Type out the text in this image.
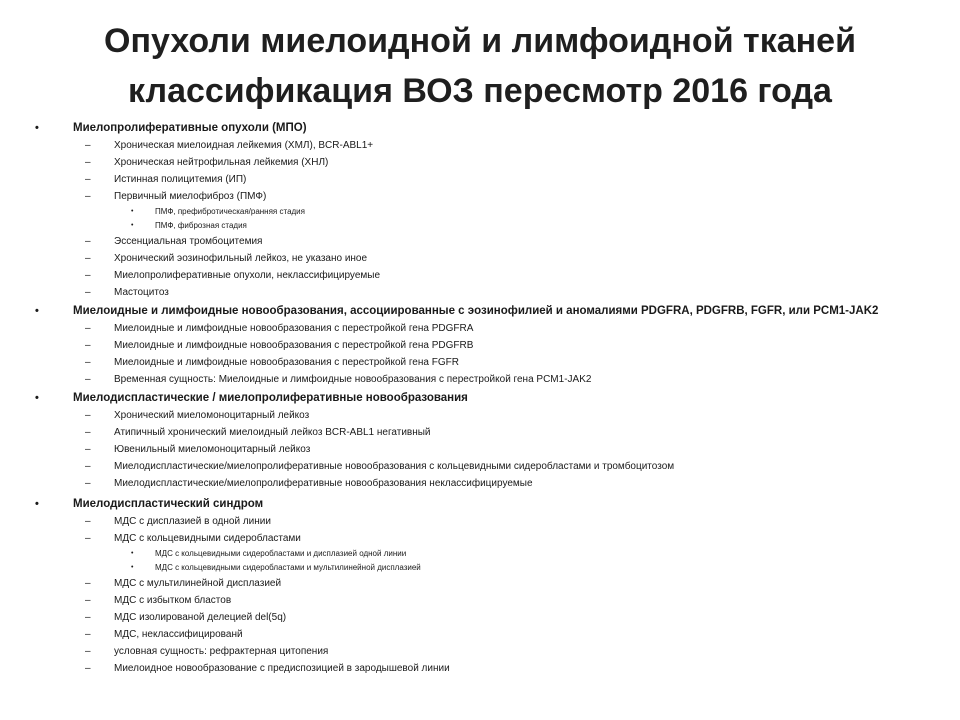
Опухоли миелоидной и лимфоидной тканей
классификация ВОЗ пересмотр 2016 года
•	Миелопролиферативные опухоли (МПО)
– Хроническая миелоидная лейкемия (ХМЛ), BCR-ABL1+
– Хроническая нейтрофильная лейкемия (ХНЛ)
– Истинная полицитемия (ИП)
– Первичный миелофиброз (ПМФ)
•	ПМФ, префибротическая/ранняя стадия
•	ПМФ, фиброзная стадия
– Эссенциальная тромбоцитемия
– Хронический эозинофильный лейкоз, не указано иное
– Миелопролиферативные опухоли, неклассифицируемые
– Мастоцитоз
•	Миелоидные и лимфоидные новообразования, ассоциированные с эозинофилией и аномалиями PDGFRA, PDGFRB, FGFR, или PCM1-JAK2
– Миелоидные и лимфоидные новообразования с перестройкой гена PDGFRA
– Миелоидные и лимфоидные новообразования с перестройкой гена PDGFRB
– Миелоидные и лимфоидные новообразования с перестройкой гена FGFR
– Временная сущность: Миелоидные и лимфоидные новообразования с перестройкой гена PCM1-JAK2
•	Миелодиспластические / миелопролиферативные новообразования
– Хронический миеломоноцитарный лейкоз
– Атипичный хронический миелоидный лейкоз BCR-ABL1 негативный
– Ювенильный миеломоноцитарный лейкоз
– Миелодиспластические/миелопролиферативные новообразования с кольцевидными сидеробластами и тромбоцитозом
– Миелодиспластические/миелопролиферативные новообразования неклассифицируемые
•	Миелодиспластический синдром
– МДС с дисплазией в одной линии
– МДС с кольцевидными сидеробластами
•	МДС с кольцевидными сидеробластами и дисплазией одной линии
•	МДС с кольцевидными сидеробластами и мультилинейной дисплазией
– МДС с мультилинейной дисплазией
– МДС с избытком бластов
– МДС изолированой делецией del(5q)
– МДС, неклассифицированй
– условная сущность: рефрактерная цитопения
– Миелоидное новообразование с предиспозицией в зародышевой линии
